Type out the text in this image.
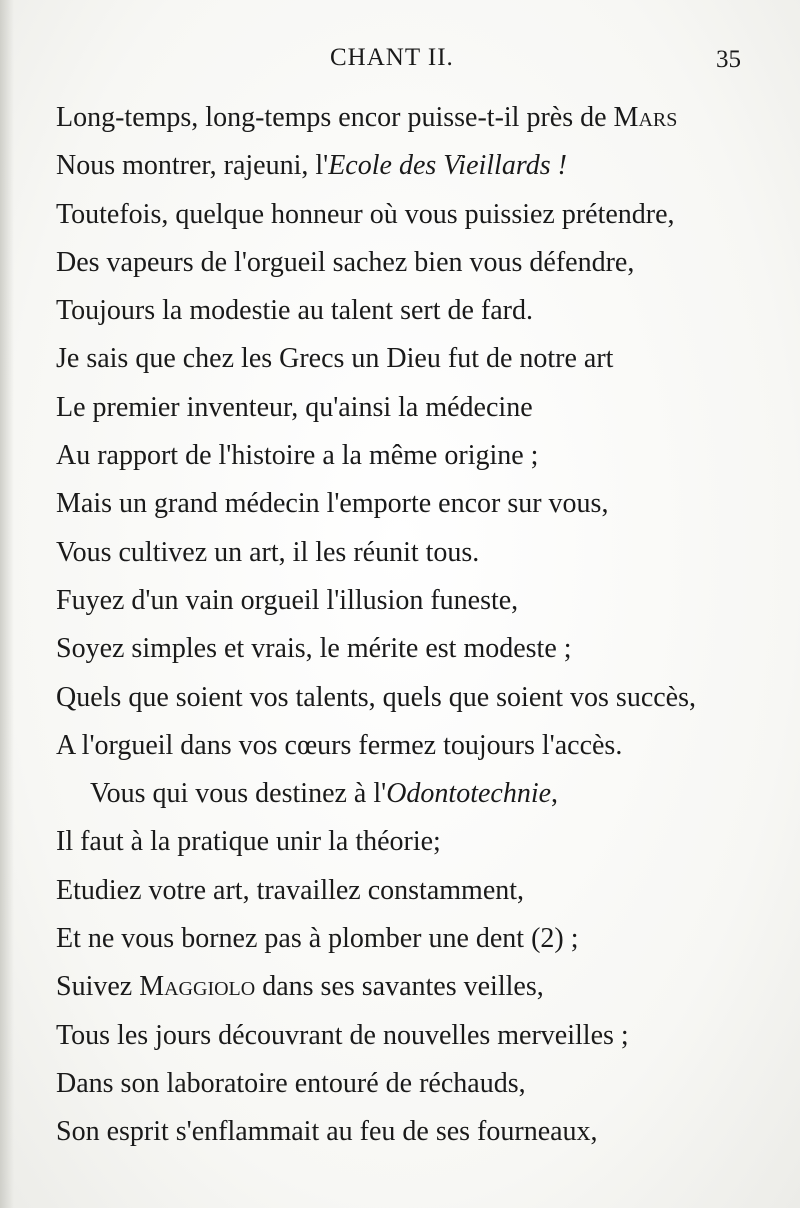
CHANT II.	35
Long-temps, long-temps encor puisse-t-il près de Mars
Nous montrer, rajeuni, l'Ecole des Vieillards !
Toutefois, quelque honneur où vous puissiez prétendre,
Des vapeurs de l'orgueil sachez bien vous défendre,
Toujours la modestie au talent sert de fard.
Je sais que chez les Grecs un Dieu fut de notre art
Le premier inventeur, qu'ainsi la médecine
Au rapport de l'histoire a la même origine ;
Mais un grand médecin l'emporte encor sur vous,
Vous cultivez un art, il les réunit tous.
Fuyez d'un vain orgueil l'illusion funeste,
Soyez simples et vrais, le mérite est modeste ;
Quels que soient vos talents, quels que soient vos succès,
A l'orgueil dans vos cœurs fermez toujours l'accès.
Vous qui vous destinez à l'Odontotechnie,
Il faut à la pratique unir la théorie;
Etudiez votre art, travaillez constamment,
Et ne vous bornez pas à plomber une dent (2) ;
Suivez Maggiolo dans ses savantes veilles,
Tous les jours découvrant de nouvelles merveilles ;
Dans son laboratoire entouré de réchauds,
Son esprit s'enflammait au feu de ses fourneaux,
